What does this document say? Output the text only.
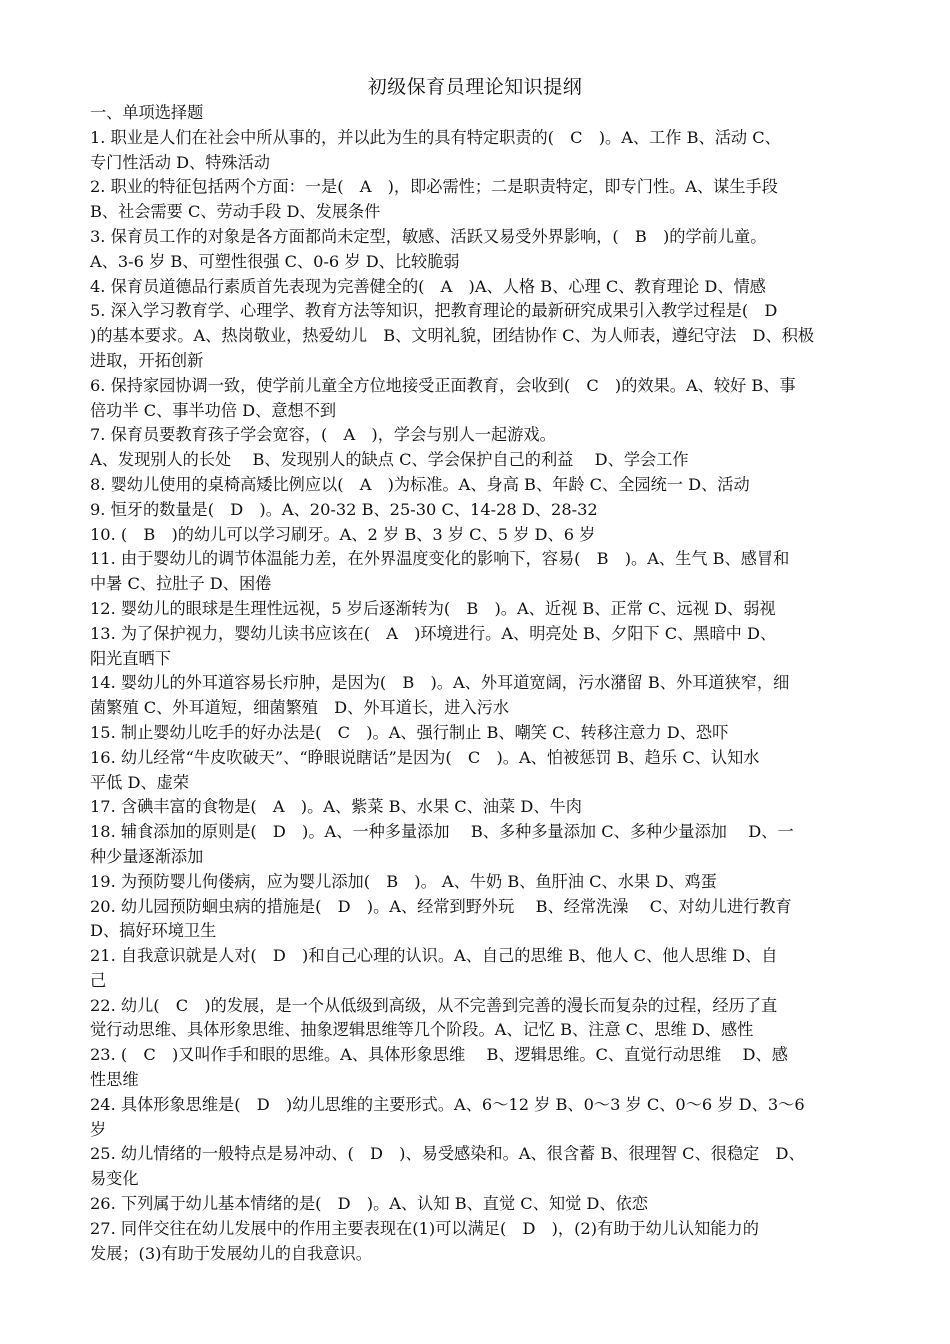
初级保育员理论知识提纲

一、单项选择题

1. 职业是人们在社会中所从事的，并以此为生的具有特定职责的(　C　)。A、工作 B、活动 C、

专门性活动 D、特殊活动

2. 职业的特征包括两个方面：一是(　A　)，即必需性；二是职责特定，即专门性。A、谋生手段

B、社会需要 C、劳动手段 D、发展条件

3. 保育员工作的对象是各方面都尚未定型，敏感、活跃又易受外界影响，(　B　)的学前儿童。

A、3-6 岁 B、可塑性很强 C、0-6 岁 D、比较脆弱

4. 保育员道德品行素质首先表现为完善健全的(　A　)A、人格 B、心理 C、教育理论 D、情感

5. 深入学习教育学、心理学、教育方法等知识，把教育理论的最新研究成果引入教学过程是(　D

)的基本要求。A、热岗敬业，热爱幼儿　B、文明礼貌，团结协作 C、为人师表，遵纪守法　D、积极

进取，开拓创新

6. 保持家园协调一致，使学前儿童全方位地接受正面教育，会收到(　C　)的效果。A、较好 B、事

倍功半 C、事半功倍 D、意想不到

7. 保育员要教育孩子学会宽容，(　A　)，学会与别人一起游戏。

A、发现别人的长处　 B、发现别人的缺点 C、学会保护自己的利益　 D、学会工作

8. 婴幼儿使用的桌椅高矮比例应以(　A　)为标准。A、身高 B、年龄 C、全园统一 D、活动

9. 恒牙的数量是(　D　)。A、20-32 B、25-30 C、14-28 D、28-32

10. (　B　)的幼儿可以学习刷牙。A、2 岁 B、3 岁 C、5 岁 D、6 岁

11. 由于婴幼儿的调节体温能力差，在外界温度变化的影响下，容易(　B　)。A、生气 B、感冒和

中暑 C、拉肚子 D、困倦

12. 婴幼儿的眼球是生理性远视，5 岁后逐渐转为(　B　)。A、近视 B、正常 C、远视 D、弱视

13. 为了保护视力，婴幼儿读书应该在(　A　)环境进行。A、明亮处 B、夕阳下 C、黑暗中 D、

阳光直晒下

14. 婴幼儿的外耳道容易长疖肿，是因为(　B　)。A、外耳道宽阔，污水潴留 B、外耳道狭窄，细

菌繁殖 C、外耳道短，细菌繁殖　D、外耳道长，进入污水

15. 制止婴幼儿吃手的好办法是(　C　)。A、强行制止 B、嘲笑 C、转移注意力 D、恐吓

16. 幼儿经常“牛皮吹破天”、“睁眼说瞎话”是因为(　C　)。A、怕被惩罚 B、趋乐 C、认知水

平低 D、虚荣

17. 含碘丰富的食物是(　A　)。A、紫菜 B、水果 C、油菜 D、牛肉

18. 辅食添加的原则是(　D　)。A、一种多量添加　 B、多种多量添加 C、多种少量添加　 D、一

种少量逐渐添加

19. 为预防婴儿佝偻病，应为婴儿添加(　B　)。 A、牛奶 B、鱼肝油 C、水果 D、鸡蛋

20. 幼儿园预防蛔虫病的措施是(　D　)。A、经常到野外玩　 B、经常洗澡　 C、对幼儿进行教育

D、搞好环境卫生

21. 自我意识就是人对(　D　)和自己心理的认识。A、自己的思维 B、他人 C、他人思维 D、自

己

22. 幼儿(　C　)的发展，是一个从低级到高级，从不完善到完善的漫长而复杂的过程，经历了直

觉行动思维、具体形象思维、抽象逻辑思维等几个阶段。A、记忆 B、注意 C、思维 D、感性

23. (　C　)又叫作手和眼的思维。A、具体形象思维　 B、逻辑思维。C、直觉行动思维　 D、感

性思维

24. 具体形象思维是(　D　)幼儿思维的主要形式。A、6～12 岁 B、0～3 岁 C、0～6 岁 D、3～6

岁

25. 幼儿情绪的一般特点是易冲动、(　D　)、易受感染和。A、很含蓄 B、很理智 C、很稳定　D、

易变化

26. 下列属于幼儿基本情绪的是(　D　)。A、认知 B、直觉 C、知觉 D、依恋

27. 同伴交往在幼儿发展中的作用主要表现在(1)可以满足(　D　)，(2)有助于幼儿认知能力的

发展；(3)有助于发展幼儿的自我意识。
